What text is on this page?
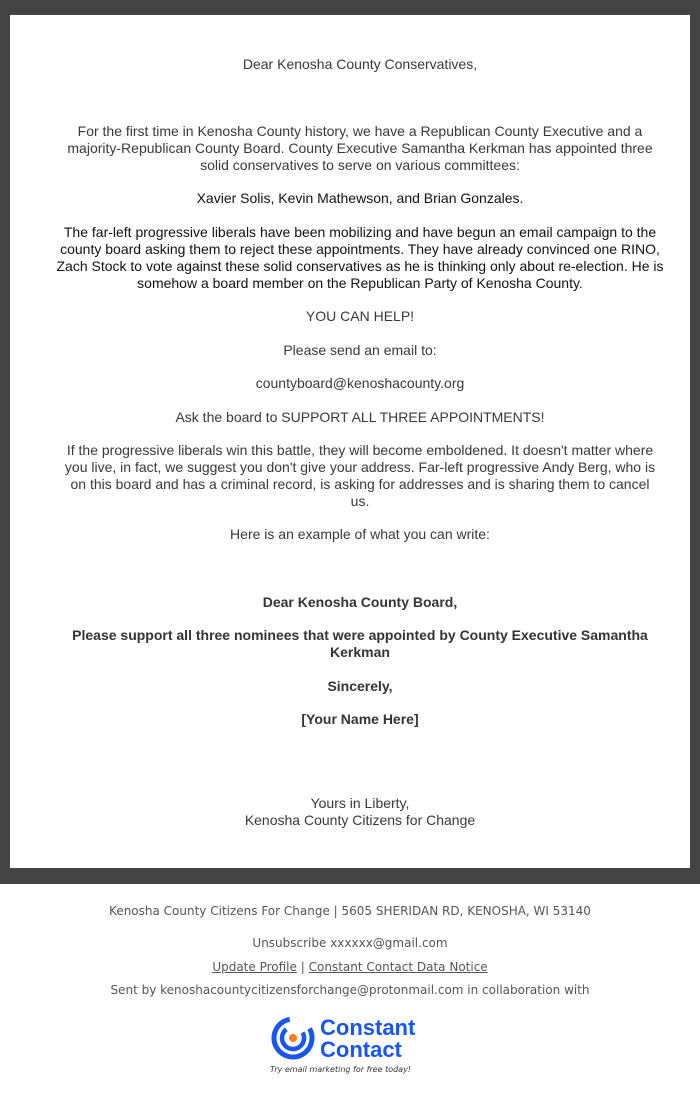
Dear Kenosha County Conservatives,

For the first time in Kenosha County history, we have a Republican County Executive and a majority-Republican County Board. County Executive Samantha Kerkman has appointed three solid conservatives to serve on various committees:

Xavier Solis, Kevin Mathewson, and Brian Gonzales.

The far-left progressive liberals have been mobilizing and have begun an email campaign to the county board asking them to reject these appointments. They have already convinced one RINO, Zach Stock to vote against these solid conservatives as he is thinking only about re-election. He is somehow a board member on the Republican Party of Kenosha County.

YOU CAN HELP!

Please send an email to:

countyboard@kenoshacounty.org

Ask the board to SUPPORT ALL THREE APPOINTMENTS!

If the progressive liberals win this battle, they will become emboldened. It doesn't matter where you live, in fact, we suggest you don't give your address. Far-left progressive Andy Berg, who is on this board and has a criminal record, is asking for addresses and is sharing them to cancel us.

Here is an example of what you can write:

Dear Kenosha County Board,

Please support all three nominees that were appointed by County Executive Samantha Kerkman

Sincerely,

[Your Name Here]

Yours in Liberty,

Kenosha County Citizens for Change

Kenosha County Citizens For Change | 5605 SHERIDAN RD, KENOSHA, WI 53140
Unsubscribe xxxxxx@gmail.com
Update Profile | Constant Contact Data Notice
Sent by kenoshacountycitizensforchange@protonmail.com in collaboration with
Constant
Contact
Try email marketing for free today!
